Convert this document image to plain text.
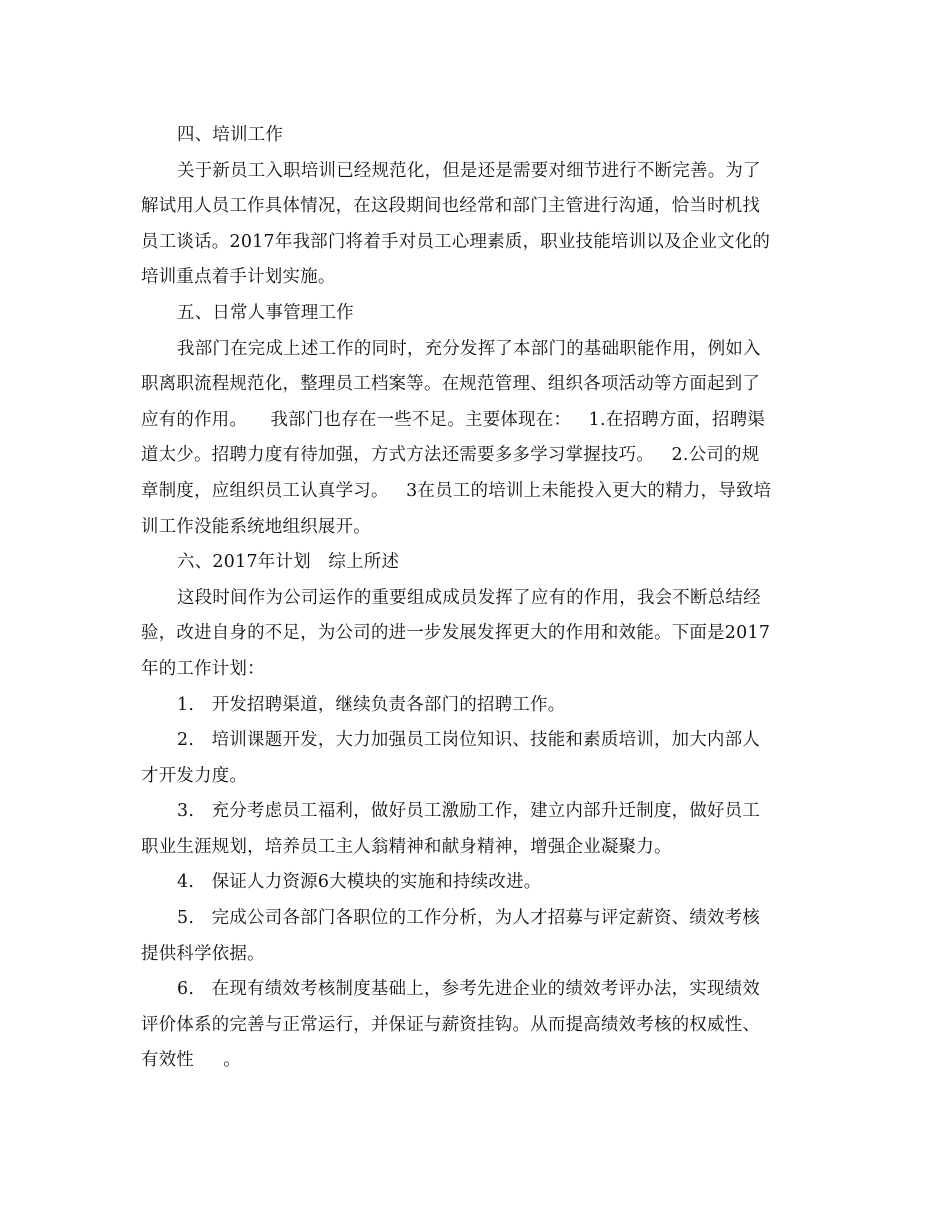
四、培训工作
关于新员工入职培训已经规范化，但是还是需要对细节进行不断完善。为了
解试用人员工作具体情况，在这段期间也经常和部门主管进行沟通，恰当时机找
员工谈话。2017年我部门将着手对员工心理素质，职业技能培训以及企业文化的
培训重点着手计划实施。
五、日常人事管理工作
我部门在完成上述工作的同时，充分发挥了本部门的基础职能作用，例如入
职离职流程规范化，整理员工档案等。在规范管理、组织各项活动等方面起到了
应有的作用。    我部门也存在一些不足。主要体现在：   1.在招聘方面，招聘渠
道太少。招聘力度有待加强，方式方法还需要多多学习掌握技巧。   2.公司的规
章制度，应组织员工认真学习。   3在员工的培训上未能投入更大的精力，导致培
训工作没能系统地组织展开。
六、2017年计划   综上所述
这段时间作为公司运作的重要组成成员发挥了应有的作用，我会不断总结经
验，改进自身的不足，为公司的进一步发展发挥更大的作用和效能。下面是2017
年的工作计划：
1.   开发招聘渠道，继续负责各部门的招聘工作。
2.   培训课题开发，大力加强员工岗位知识、技能和素质培训，加大内部人
才开发力度。
3.   充分考虑员工福利，做好员工激励工作，建立内部升迁制度，做好员工
职业生涯规划，培养员工主人翁精神和献身精神，增强企业凝聚力。
4.   保证人力资源6大模块的实施和持续改进。
5.   完成公司各部门各职位的工作分析，为人才招募与评定薪资、绩效考核
提供科学依据。
6.   在现有绩效考核制度基础上，参考先进企业的绩效考评办法，实现绩效
评价体系的完善与正常运行，并保证与薪资挂钩。从而提高绩效考核的权威性、
有效性     。
